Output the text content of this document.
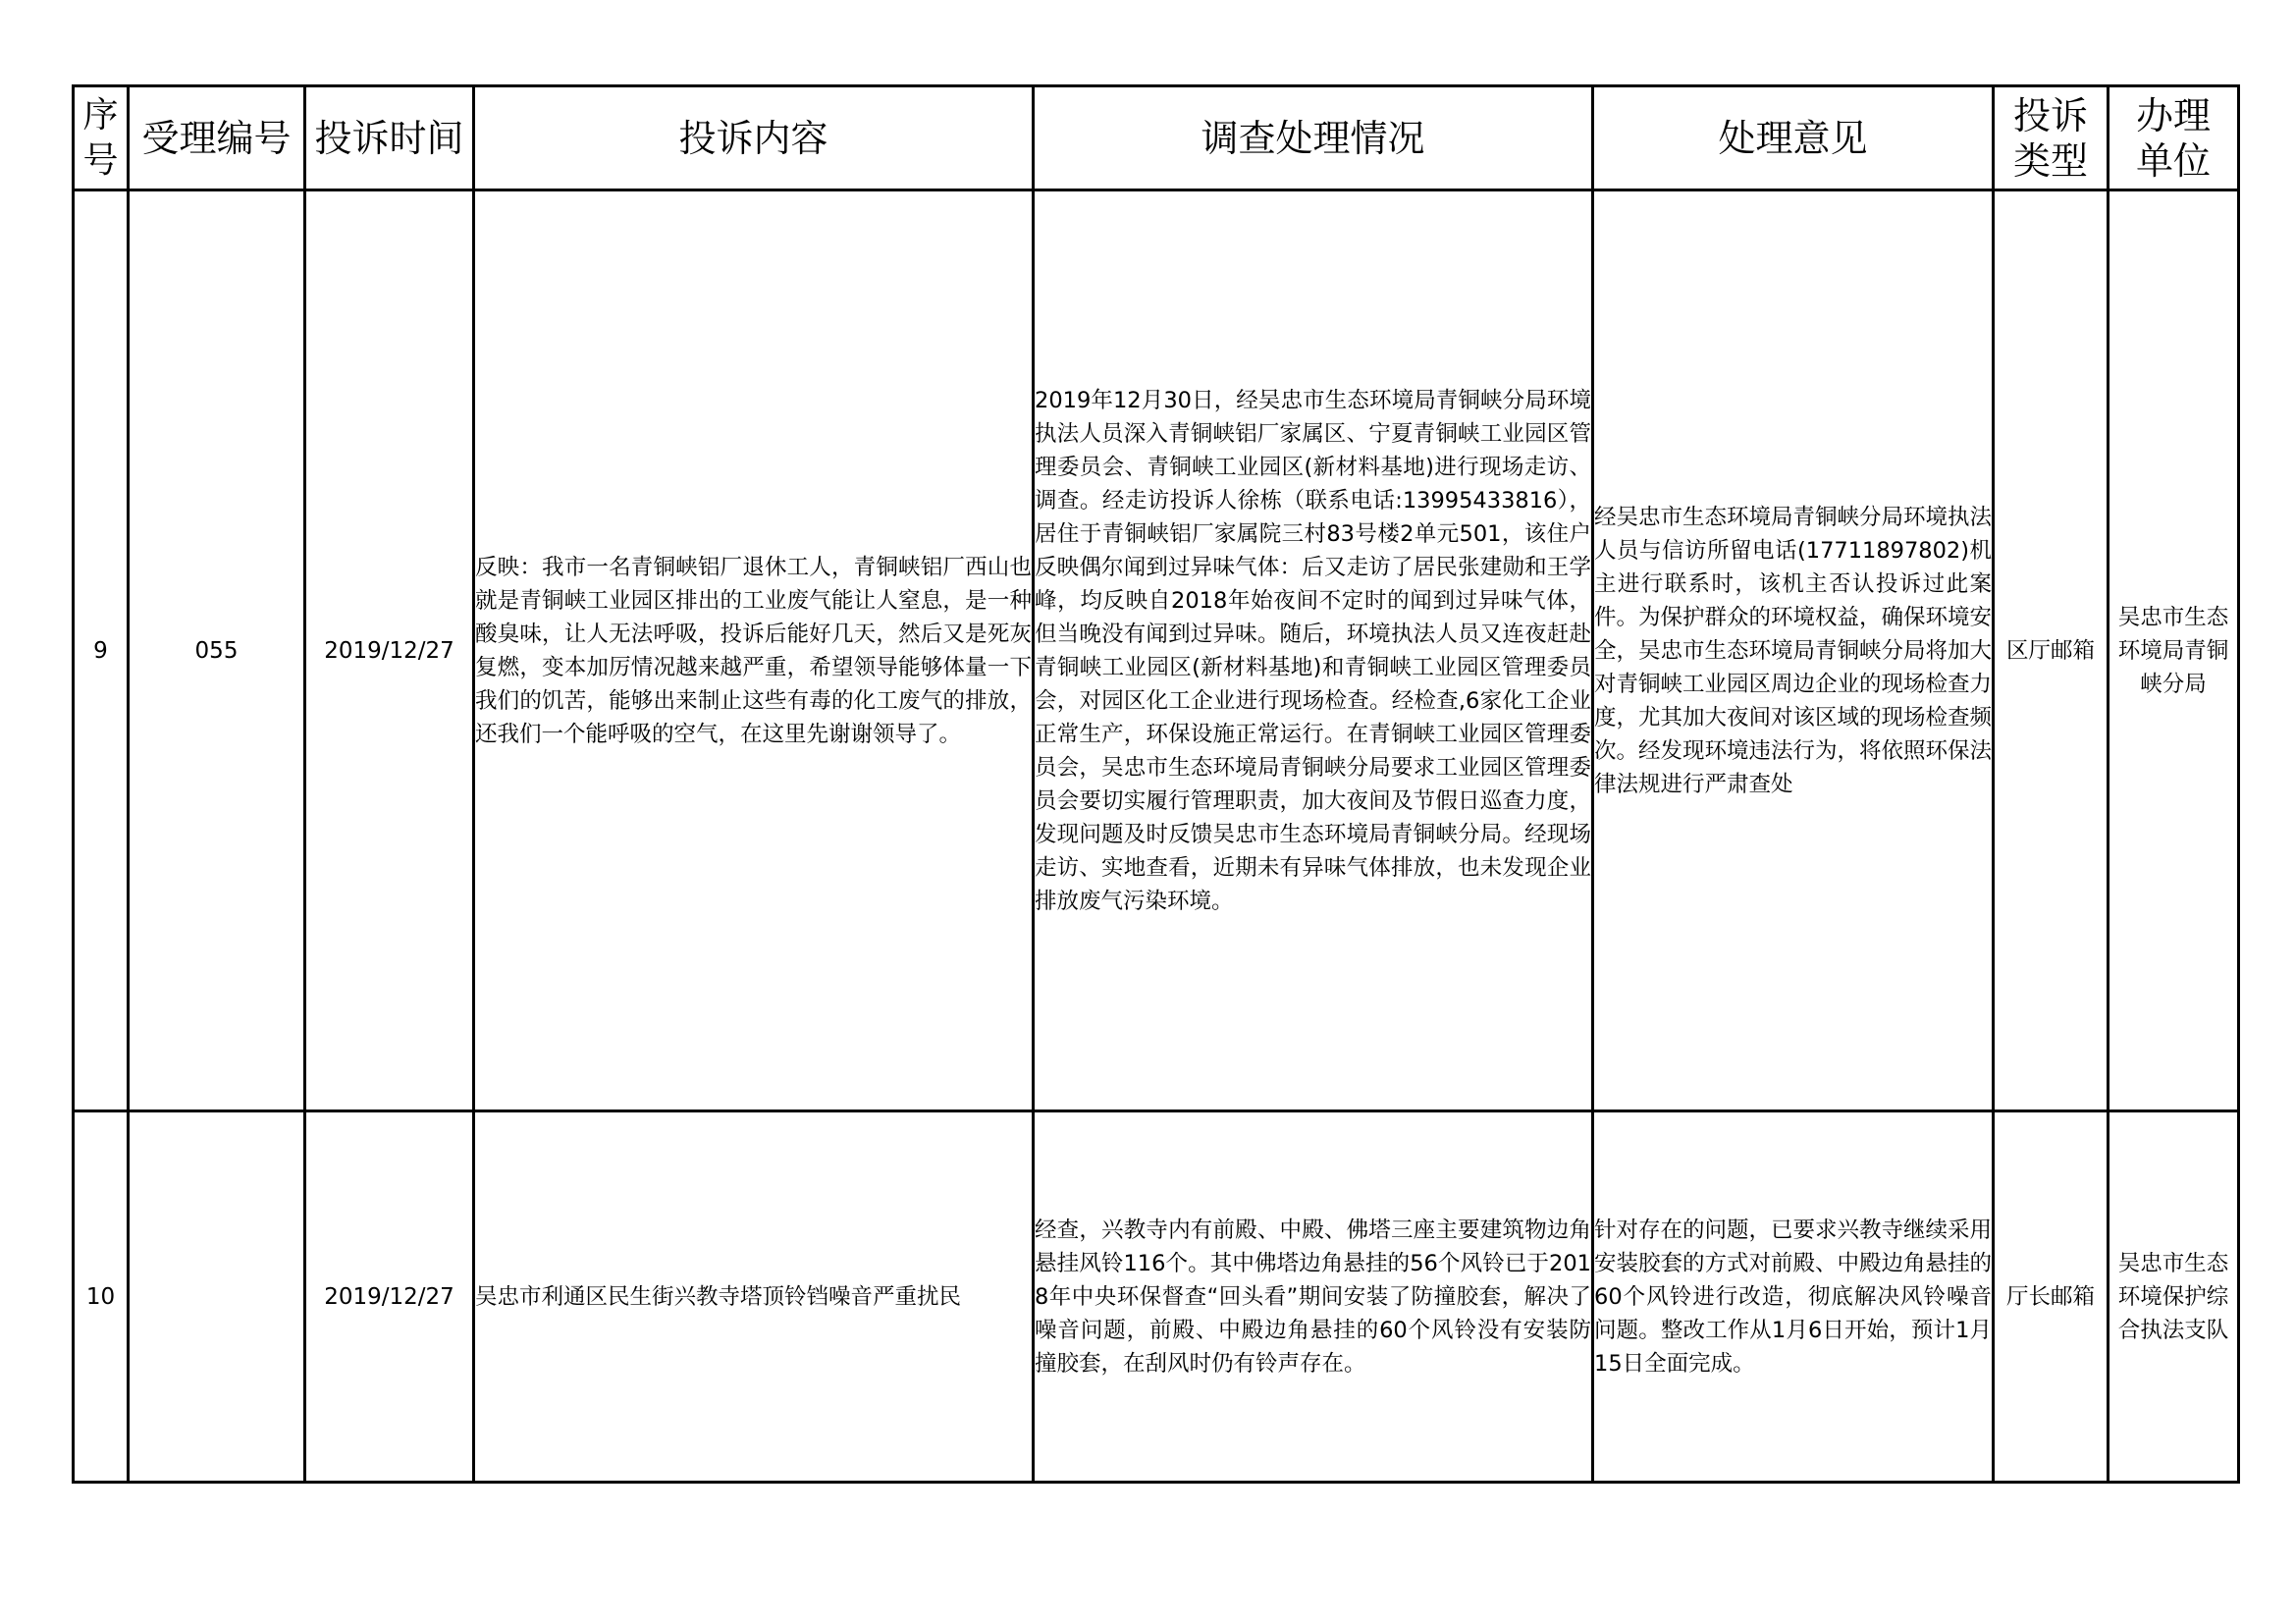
序号	受理编号	投诉时间	投诉内容	调查处理情况	处理意见	投诉类型	办理单位
9	055	2019/12/27	反映：我市一名青铜峡铝厂退休工人，青铜峡铝厂西山也就是青铜峡工业园区排出的工业废气能让人窒息，是一种酸臭味，让人无法呼吸，投诉后能好几天，然后又是死灰复燃，变本加厉情况越来越严重，希望领导能够体量一下我们的饥苦，能够出来制止这些有毒的化工废气的排放，还我们一个能呼吸的空气，在这里先谢谢领导了。	2019年12月30日，经吴忠市生态环境局青铜峡分局环境执法人员深入青铜峡铝厂家属区、宁夏青铜峡工业园区管理委员会、青铜峡工业园区(新材料基地)进行现场走访、调查。经走访投诉人徐栋（联系电话:13995433816），居住于青铜峡铝厂家属院三村83号楼2单元501，该住户反映偶尔闻到过异味气体：后又走访了居民张建勋和王学峰，均反映自2018年始夜间不定时的闻到过异味气体，但当晚没有闻到过异味。随后，环境执法人员又连夜赶赴青铜峡工业园区(新材料基地)和青铜峡工业园区管理委员会，对园区化工企业进行现场检查。经检查,6家化工企业正常生产，环保设施正常运行。在青铜峡工业园区管理委员会，吴忠市生态环境局青铜峡分局要求工业园区管理委员会要切实履行管理职责，加大夜间及节假日巡查力度，发现问题及时反馈吴忠市生态环境局青铜峡分局。经现场走访、实地查看，近期未有异味气体排放，也未发现企业排放废气污染环境。	经吴忠市生态环境局青铜峡分局环境执法人员与信访所留电话(17711897802)机主进行联系时，该机主否认投诉过此案件。为保护群众的环境权益，确保环境安全，吴忠市生态环境局青铜峡分局将加大对青铜峡工业园区周边企业的现场检查力度，尤其加大夜间对该区域的现场检查频次。经发现环境违法行为，将依照环保法律法规进行严肃查处	区厅邮箱	吴忠市生态环境局青铜峡分局
10		2019/12/27	吴忠市利通区民生街兴教寺塔顶铃铛噪音严重扰民	经查，兴教寺内有前殿、中殿、佛塔三座主要建筑物边角悬挂风铃116个。其中佛塔边角悬挂的56个风铃已于2018年中央环保督查“回头看”期间安装了防撞胶套，解决了噪音问题，前殿、中殿边角悬挂的60个风铃没有安装防撞胶套，在刮风时仍有铃声存在。	针对存在的问题，已要求兴教寺继续采用安装胶套的方式对前殿、中殿边角悬挂的60个风铃进行改造，彻底解决风铃噪音问题。整改工作从1月6日开始，预计1月15日全面完成。	厅长邮箱	吴忠市生态环境保护综合执法支队
